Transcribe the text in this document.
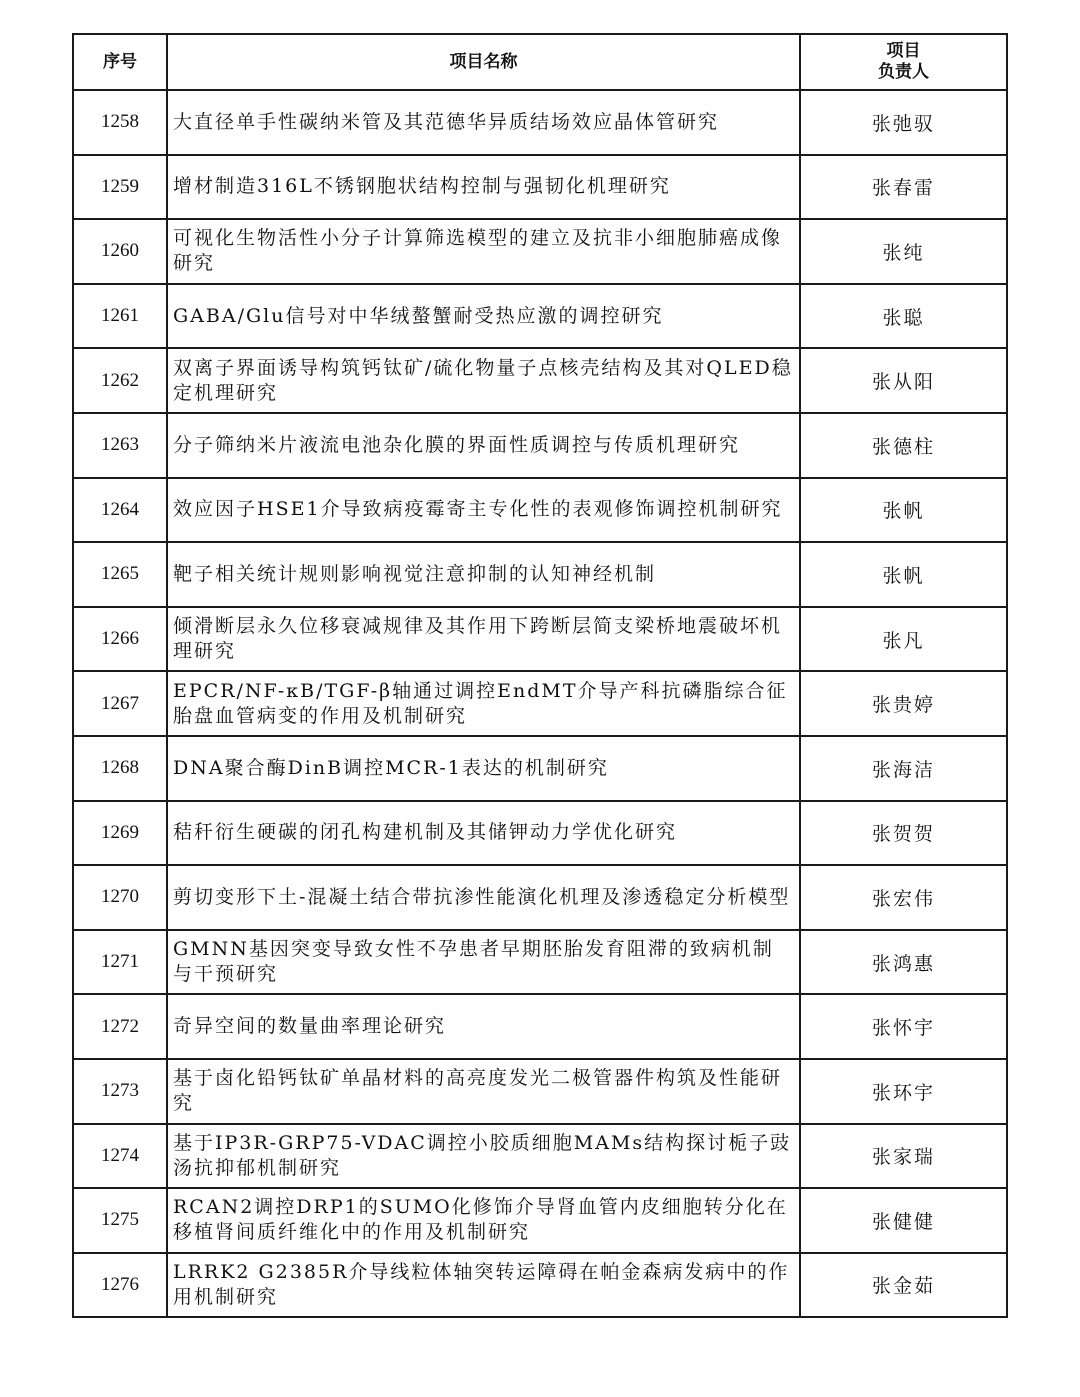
序号	项目名称	项目
负责人

1258	大直径单手性碳纳米管及其范德华异质结场效应晶体管研究	张弛驭
1259	增材制造316L不锈钢胞状结构控制与强韧化机理研究	张春雷
1260	可视化生物活性小分子计算筛选模型的建立及抗非小细胞肺癌成像研究	张纯
1261	GABA/Glu信号对中华绒螯蟹耐受热应激的调控研究	张聪
1262	双离子界面诱导构筑钙钛矿/硫化物量子点核壳结构及其对QLED稳定机理研究	张从阳
1263	分子筛纳米片液流电池杂化膜的界面性质调控与传质机理研究	张德柱
1264	效应因子HSE1介导致病疫霉寄主专化性的表观修饰调控机制研究	张帆
1265	靶子相关统计规则影响视觉注意抑制的认知神经机制	张帆
1266	倾滑断层永久位移衰减规律及其作用下跨断层简支梁桥地震破坏机理研究	张凡
1267	EPCR/NF-κB/TGF-β轴通过调控EndMT介导产科抗磷脂综合征胎盘血管病变的作用及机制研究	张贵婷
1268	DNA聚合酶DinB调控MCR-1表达的机制研究	张海洁
1269	秸秆衍生硬碳的闭孔构建机制及其储钾动力学优化研究	张贺贺
1270	剪切变形下土-混凝土结合带抗渗性能演化机理及渗透稳定分析模型	张宏伟
1271	GMNN基因突变导致女性不孕患者早期胚胎发育阻滞的致病机制与干预研究	张鸿惠
1272	奇异空间的数量曲率理论研究	张怀宇
1273	基于卤化铅钙钛矿单晶材料的高亮度发光二极管器件构筑及性能研究	张环宇
1274	基于IP3R-GRP75-VDAC调控小胶质细胞MAMs结构探讨栀子豉汤抗抑郁机制研究	张家瑞
1275	RCAN2调控DRP1的SUMO化修饰介导肾血管内皮细胞转分化在移植肾间质纤维化中的作用及机制研究	张健健
1276	LRRK2 G2385R介导线粒体轴突转运障碍在帕金森病发病中的作用机制研究	张金茹
